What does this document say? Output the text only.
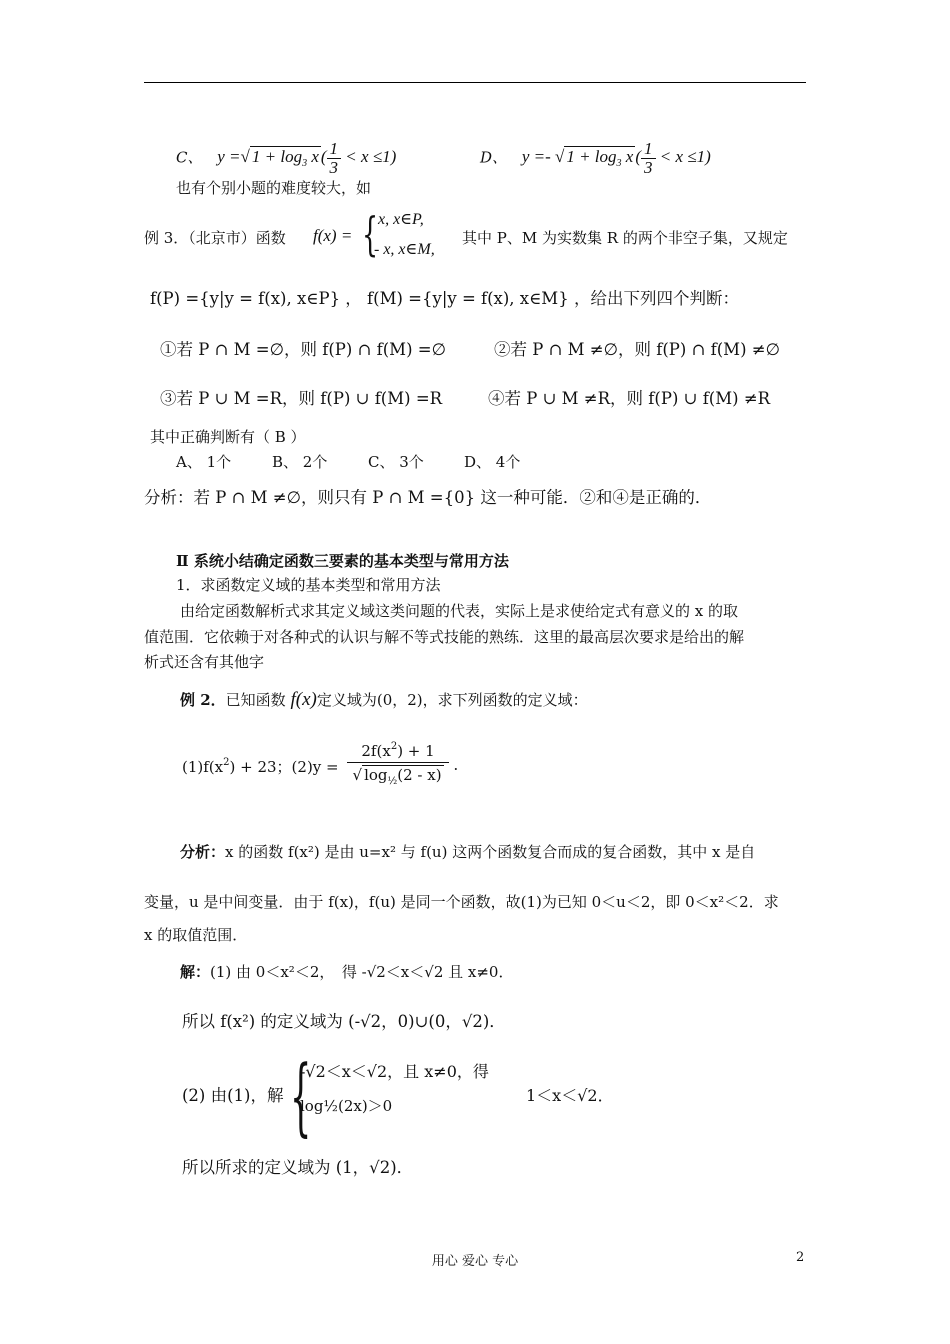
C、 y =√ $1 + \log_3 x$ ( $\frac{1}{3} < x \le 1$)	D、 y =- √ $1 + \log_3 x$ ( $\frac{1}{3} < x \le 1$)
也有个别小题的难度较大，如
例 3．（北京市）函数 f(x) = { x, x∈P,
- x, x∈M,
其中 P、M 为实数集 R 的两个非空子集，又规定
f(P) ={y|y = f(x), x∈P} ， f(M) ={y|y = f(x), x∈M} ，给出下列四个判断：
①若 P ∩ M =∅，则 f(P) ∩ f(M) =∅	②若 P ∩ M ≠∅，则 f(P) ∩ f(M) ≠∅
③若 P ∪ M =R，则 f(P) ∪ f(M) =R	④若 P ∪ M ≠R，则 f(P) ∪ f(M) ≠R
其中正确判断有（ B ）
A、 1个	B、 2个	C、 3个	D、 4个
分析：若 P ∩ M ≠∅，则只有 P ∩ M ={0} 这一种可能．②和④是正确的．
Ⅱ 系统小结确定函数三要素的基本类型与常用方法
1．求函数定义域的基本类型和常用方法
由给定函数解析式求其定义域这类问题的代表，实际上是求使给定式有意义的 x 的取
值范围．它依赖于对各种式的认识与解不等式技能的熟练．这里的最高层次要求是给出的解
析式还含有其他字
例 2．已知函数 f(x)定义域为(0，2)，求下列函数的定义域：
$(1)f(x^2) + 23$；$(2)y = \frac{2f(x^2) + 1}{√ \log_{\frac{1}{2}}(2 - x)}$ ．
分析：x 的函数 f(x²) 是由 u=x² 与 f(u) 这两个函数复合而成的复合函数，其中 x 是自
变量，u 是中间变量．由于 f(x)，f(u) 是同一个函数，故(1)为已知 0＜u＜2，即 0＜x²＜2．求
x 的取值范围．
解：(1) 由 0＜x²＜2，　得 -√2＜x＜√2 且 x≠0．
所以 f(x²) 的定义域为 (-√2，0)∪(0，√2)．
(2) 由(1)，解 {
-√2＜x＜√2，且 x≠0，得
log½(2x)＞0
1＜x＜√2．
所以所求的定义域为 (1，√2)．
用心 爱心 专心	2
